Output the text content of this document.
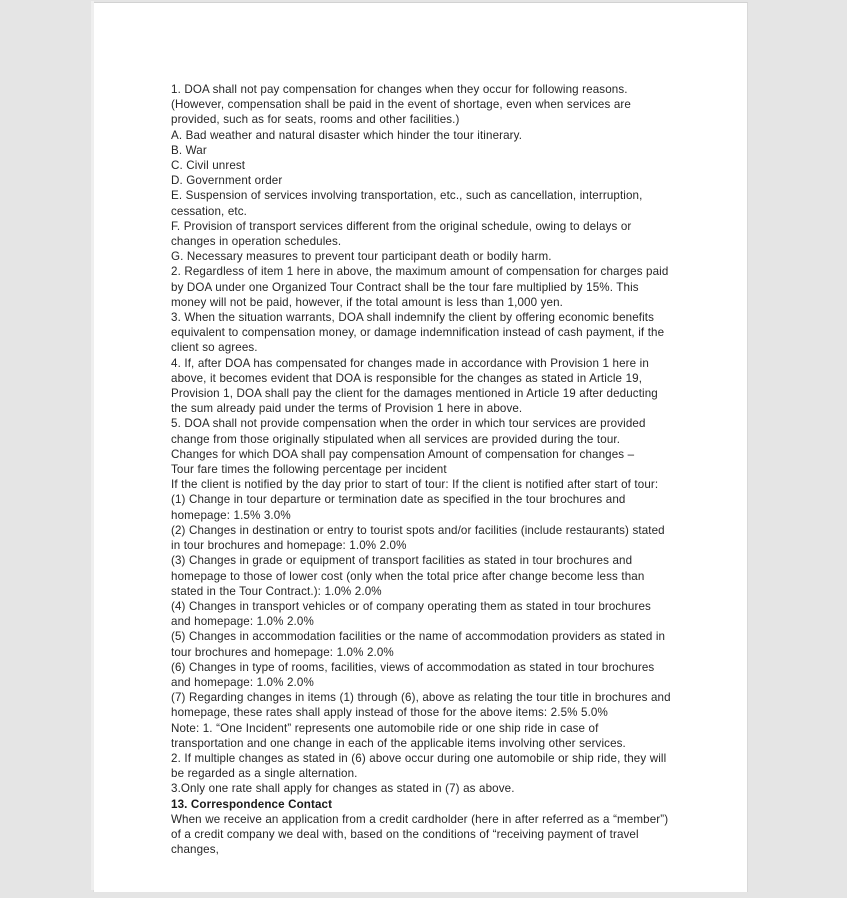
1. DOA shall not pay compensation for changes when they occur for following reasons. (However, compensation shall be paid in the event of shortage, even when services are provided, such as for seats, rooms and other facilities.)

A. Bad weather and natural disaster which hinder the tour itinerary.

B. War

C. Civil unrest

D. Government order

E. Suspension of services involving transportation, etc., such as cancellation, interruption, cessation, etc.

F. Provision of transport services different from the original schedule, owing to delays or changes in operation schedules.

G. Necessary measures to prevent tour participant death or bodily harm.

2. Regardless of item 1 here in above, the maximum amount of compensation for charges paid by DOA under one Organized Tour Contract shall be the tour fare multiplied by 15%. This money will not be paid, however, if the total amount is less than 1,000 yen.

3. When the situation warrants, DOA shall indemnify the client by offering economic benefits equivalent to compensation money, or damage indemnification instead of cash payment, if the client so agrees.

4. If, after DOA has compensated for changes made in accordance with Provision 1 here in above, it becomes evident that DOA is responsible for the changes as stated in Article 19, Provision 1, DOA shall pay the client for the damages mentioned in Article 19 after deducting the sum already paid under the terms of Provision 1 here in above.

5. DOA shall not provide compensation when the order in which tour services are provided change from those originally stipulated when all services are provided during the tour.

Changes for which DOA shall pay compensation Amount of compensation for changes –

Tour fare times the following percentage per incident

If the client is notified by the day prior to start of tour: If the client is notified after start of tour:

(1) Change in tour departure or termination date as specified in the tour brochures and homepage: 1.5% 3.0%

(2) Changes in destination or entry to tourist spots and/or facilities (include restaurants) stated in tour brochures and homepage: 1.0% 2.0%

(3) Changes in grade or equipment of transport facilities as stated in tour brochures and homepage to those of lower cost (only when the total price after change become less than stated in the Tour Contract.): 1.0% 2.0%

(4) Changes in transport vehicles or of company operating them as stated in tour brochures and homepage: 1.0% 2.0%

(5) Changes in accommodation facilities or the name of accommodation providers as stated in tour brochures and homepage: 1.0% 2.0%

(6) Changes in type of rooms, facilities, views of accommodation as stated in tour brochures and homepage: 1.0% 2.0%

(7) Regarding changes in items (1) through (6), above as relating the tour title in brochures and homepage, these rates shall apply instead of those for the above items: 2.5% 5.0%

Note: 1. “One Incident” represents one automobile ride or one ship ride in case of transportation and one change in each of the applicable items involving other services.

2. If multiple changes as stated in (6) above occur during one automobile or ship ride, they will be regarded as a single alternation.

3.Only one rate shall apply for changes as stated in (7) as above.

13. Correspondence Contact

When we receive an application from a credit cardholder (here in after referred as a “member”) of a credit company we deal with, based on the conditions of “receiving payment of travel changes,
